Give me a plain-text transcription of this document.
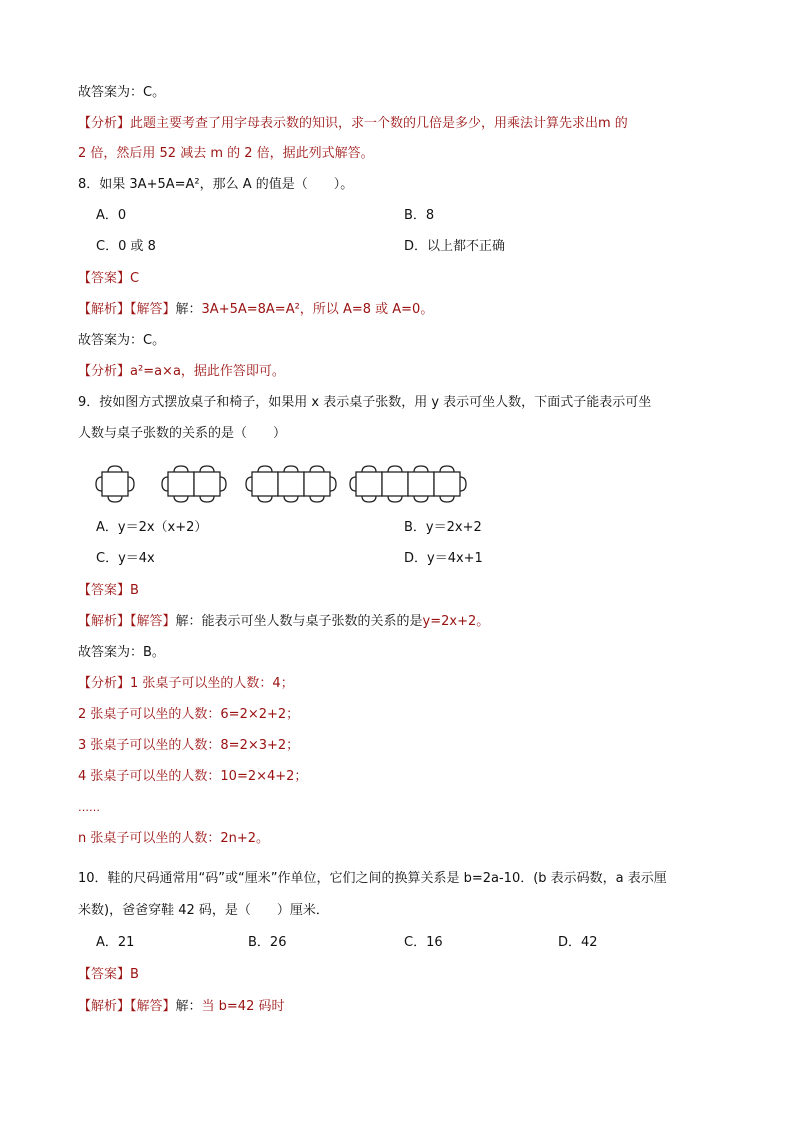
故答案为：C。
【分析】此题主要考查了用字母表示数的知识，求一个数的几倍是多少，用乘法计算先求出m 的
2 倍，然后用 52 减去 m 的 2 倍，据此列式解答。
8．如果 3A+5A=A²，那么 A 的值是（　　）。
A．0	B．8
C．0 或 8	D．以上都不正确
【答案】C
【解析】【解答】解：3A+5A=8A=A²，所以 A=8 或 A=0。
故答案为：C。
【分析】a²=a×a，据此作答即可。
9．按如图方式摆放桌子和椅子，如果用 x 表示桌子张数，用 y 表示可坐人数，下面式子能表示可坐
人数与桌子张数的关系的是（　　）
A．y＝2x（x+2）	B．y＝2x+2
C．y＝4x	D．y＝4x+1
【答案】B
【解析】【解答】解：能表示可坐人数与桌子张数的关系的是y=2x+2。
故答案为：B。
【分析】1 张桌子可以坐的人数：4；
2 张桌子可以坐的人数：6=2×2+2；
3 张桌子可以坐的人数：8=2×3+2；
4 张桌子可以坐的人数：10=2×4+2；
……
n 张桌子可以坐的人数：2n+2。
10．鞋的尺码通常用“码”或“厘米”作单位，它们之间的换算关系是 b=2a-10．(b 表示码数，a 表示厘
米数)，爸爸穿鞋 42 码，是（　　）厘米．
A．21	B．26	C．16	D．42
【答案】B
【解析】【解答】解：当 b=42 码时
